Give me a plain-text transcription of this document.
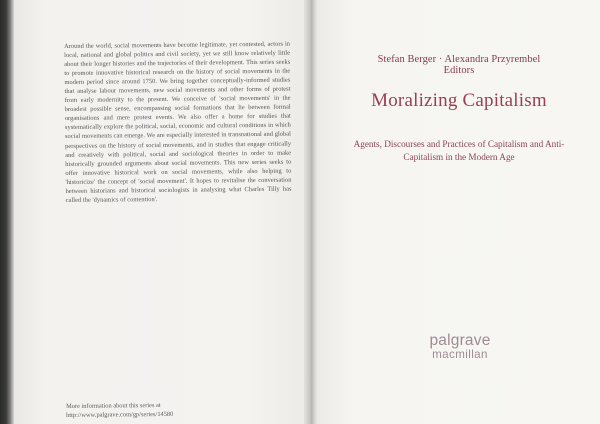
Around the world, social movements have become legitimate, yet contested, actors in local, national and global politics and civil society, yet we still know relatively little about their longer histories and the trajectories of their development. This series seeks to promote innovative historical research on the history of social movements in the modern period since around 1750. We bring together conceptually-informed studies that analyse labour movements, new social movements and other forms of protest from early modernity to the present. We conceive of 'social movements' in the broadest possible sense, encompassing social formations that lie between formal organisations and mere protest events. We also offer a home for studies that systematically explore the political, social, economic and cultural conditions in which social movements can emerge. We are especially interested in transnational and global perspectives on the history of social movements, and in studies that engage critically and creatively with political, social and sociological theories in order to make historically grounded arguments about social movements. This new series seeks to offer innovative historical work on social movements, while also helping to 'historicize' the concept of 'social movement'. It hopes to revitalise the conversation between historians and historical sociologists in analysing what Charles Tilly has called the 'dynamics of contention'.
More information about this series at
http://www.palgrave.com/gp/series/14580
Stefan Berger · Alexandra Przyrembel
Editors
Moralizing Capitalism
Agents, Discourses and Practices of Capitalism and Anti-Capitalism in the Modern Age
palgrave
macmillan
